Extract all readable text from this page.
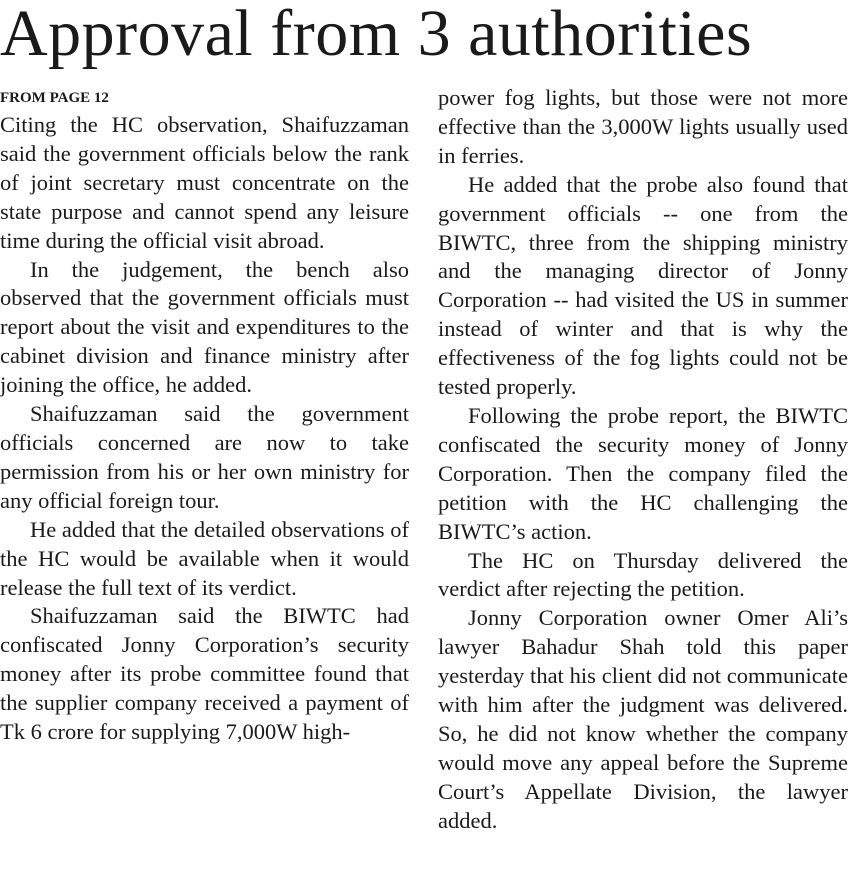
Approval from 3 authorities
FROM PAGE 12

Citing the HC observation, Shaifuzzaman said the government officials below the rank of joint secretary must concentrate on the state purpose and cannot spend any leisure time during the official visit abroad.

In the judgement, the bench also observed that the government officials must report about the visit and expenditures to the cabinet division and finance ministry after joining the office, he added.

Shaifuzzaman said the government officials concerned are now to take permission from his or her own ministry for any official foreign tour.

He added that the detailed observations of the HC would be available when it would release the full text of its verdict.

Shaifuzzaman said the BIWTC had confiscated Jonny Corporation’s security money after its probe committee found that the supplier company received a payment of Tk 6 crore for supplying 7,000W high-

power fog lights, but those were not more effective than the 3,000W lights usually used in ferries.

He added that the probe also found that government officials -- one from the BIWTC, three from the shipping ministry and the managing director of Jonny Corporation -- had visited the US in summer instead of winter and that is why the effectiveness of the fog lights could not be tested properly.

Following the probe report, the BIWTC confiscated the security money of Jonny Corporation. Then the company filed the petition with the HC challenging the BIWTC’s action.

The HC on Thursday delivered the verdict after rejecting the petition.

Jonny Corporation owner Omer Ali’s lawyer Bahadur Shah told this paper yesterday that his client did not communicate with him after the judgment was delivered. So, he did not know whether the company would move any appeal before the Supreme Court’s Appellate Division, the lawyer added.
